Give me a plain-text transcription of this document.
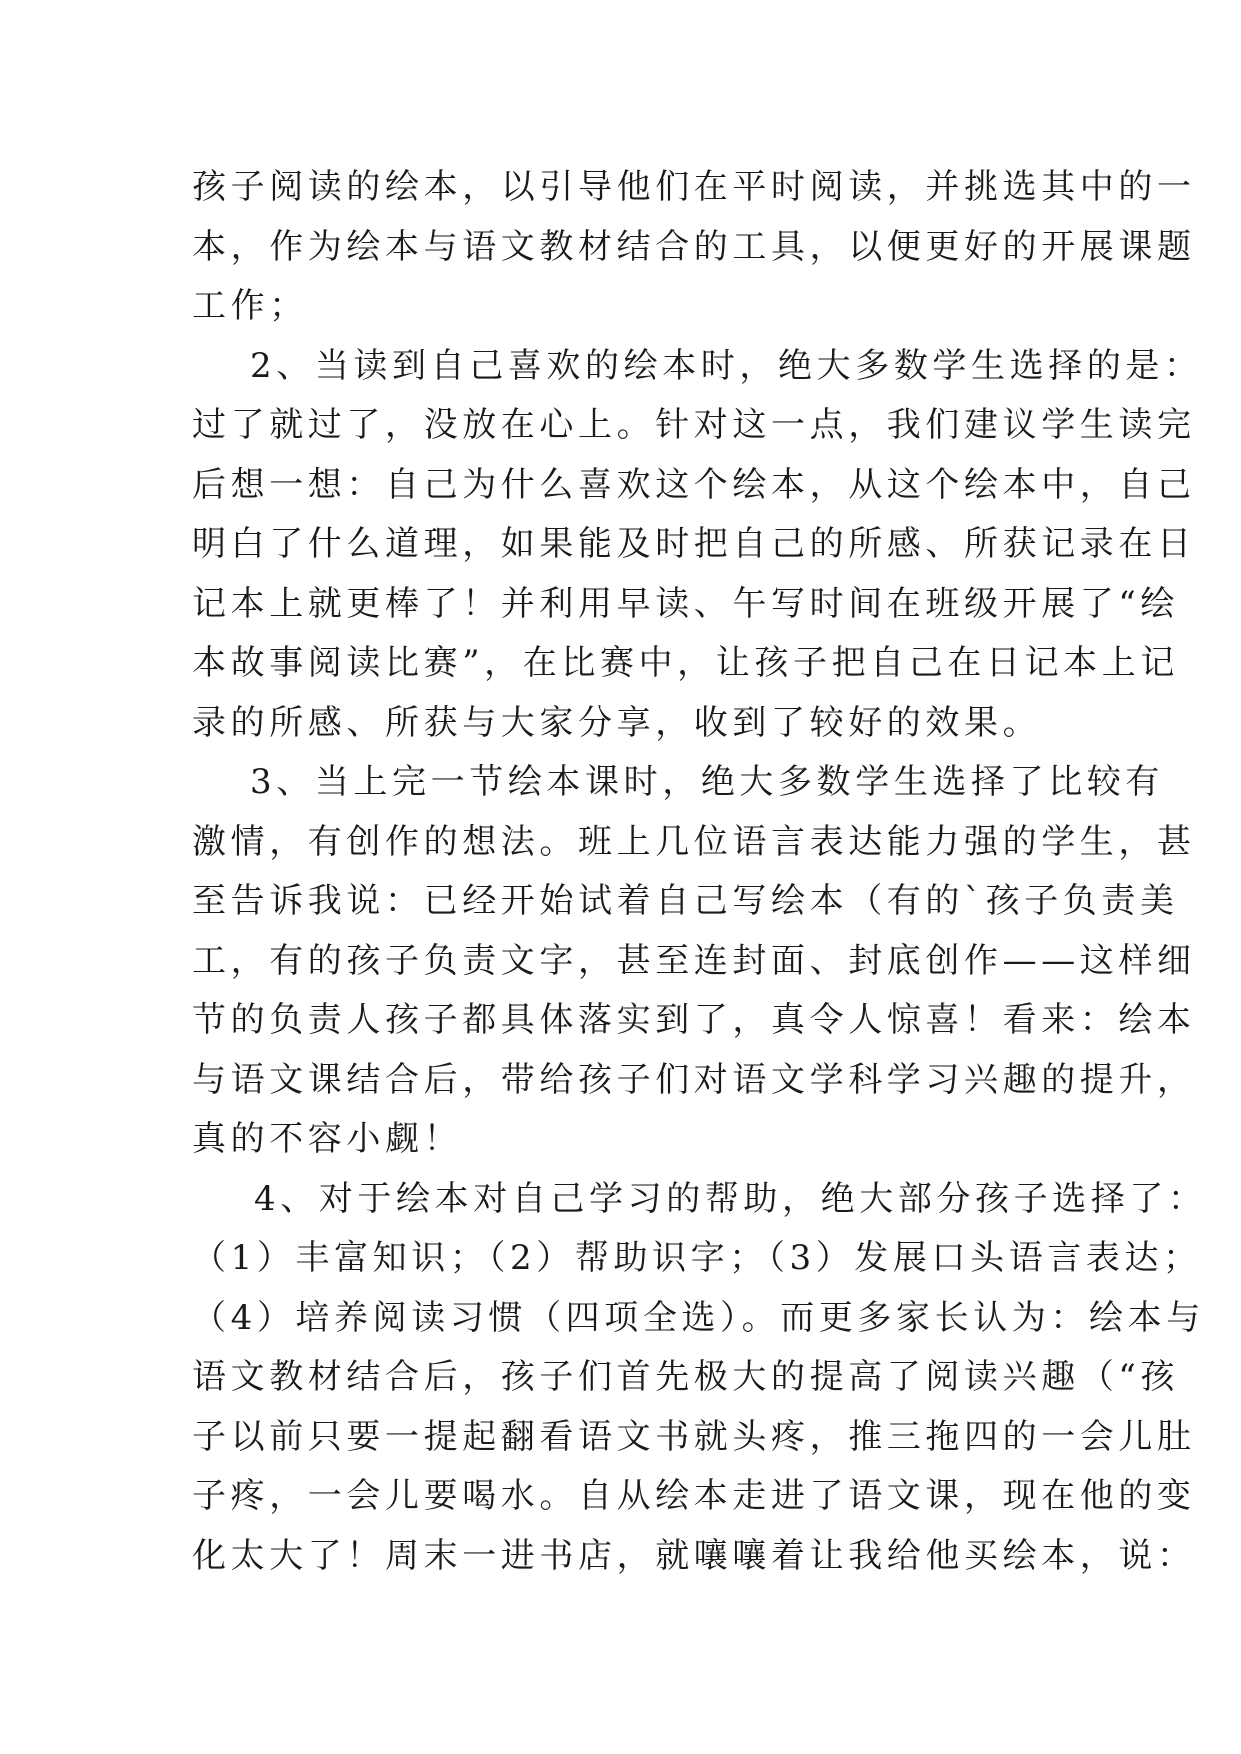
孩子阅读的绘本，以引导他们在平时阅读，并挑选其中的一
本，作为绘本与语文教材结合的工具，以便更好的开展课题
工作；
2、当读到自己喜欢的绘本时，绝大多数学生选择的是：
过了就过了，没放在心上。针对这一点，我们建议学生读完
后想一想：自己为什么喜欢这个绘本，从这个绘本中，自己
明白了什么道理，如果能及时把自己的所感、所获记录在日
记本上就更棒了！并利用早读、午写时间在班级开展了“绘
本故事阅读比赛”，在比赛中，让孩子把自己在日记本上记
录的所感、所获与大家分享，收到了较好的效果。
3、当上完一节绘本课时，绝大多数学生选择了比较有
激情，有创作的想法。班上几位语言表达能力强的学生，甚
至告诉我说：已经开始试着自己写绘本（有的`孩子负责美
工，有的孩子负责文字，甚至连封面、封底创作——这样细
节的负责人孩子都具体落实到了，真令人惊喜！看来：绘本
与语文课结合后，带给孩子们对语文学科学习兴趣的提升，
真的不容小觑！
4、对于绘本对自己学习的帮助，绝大部分孩子选择了：
（1）丰富知识；（2）帮助识字；（3）发展口头语言表达；
（4）培养阅读习惯（四项全选）。而更多家长认为：绘本与
语文教材结合后，孩子们首先极大的提高了阅读兴趣（“孩
子以前只要一提起翻看语文书就头疼，推三拖四的一会儿肚
子疼，一会儿要喝水。自从绘本走进了语文课，现在他的变
化太大了！周末一进书店，就嚷嚷着让我给他买绘本，说：
